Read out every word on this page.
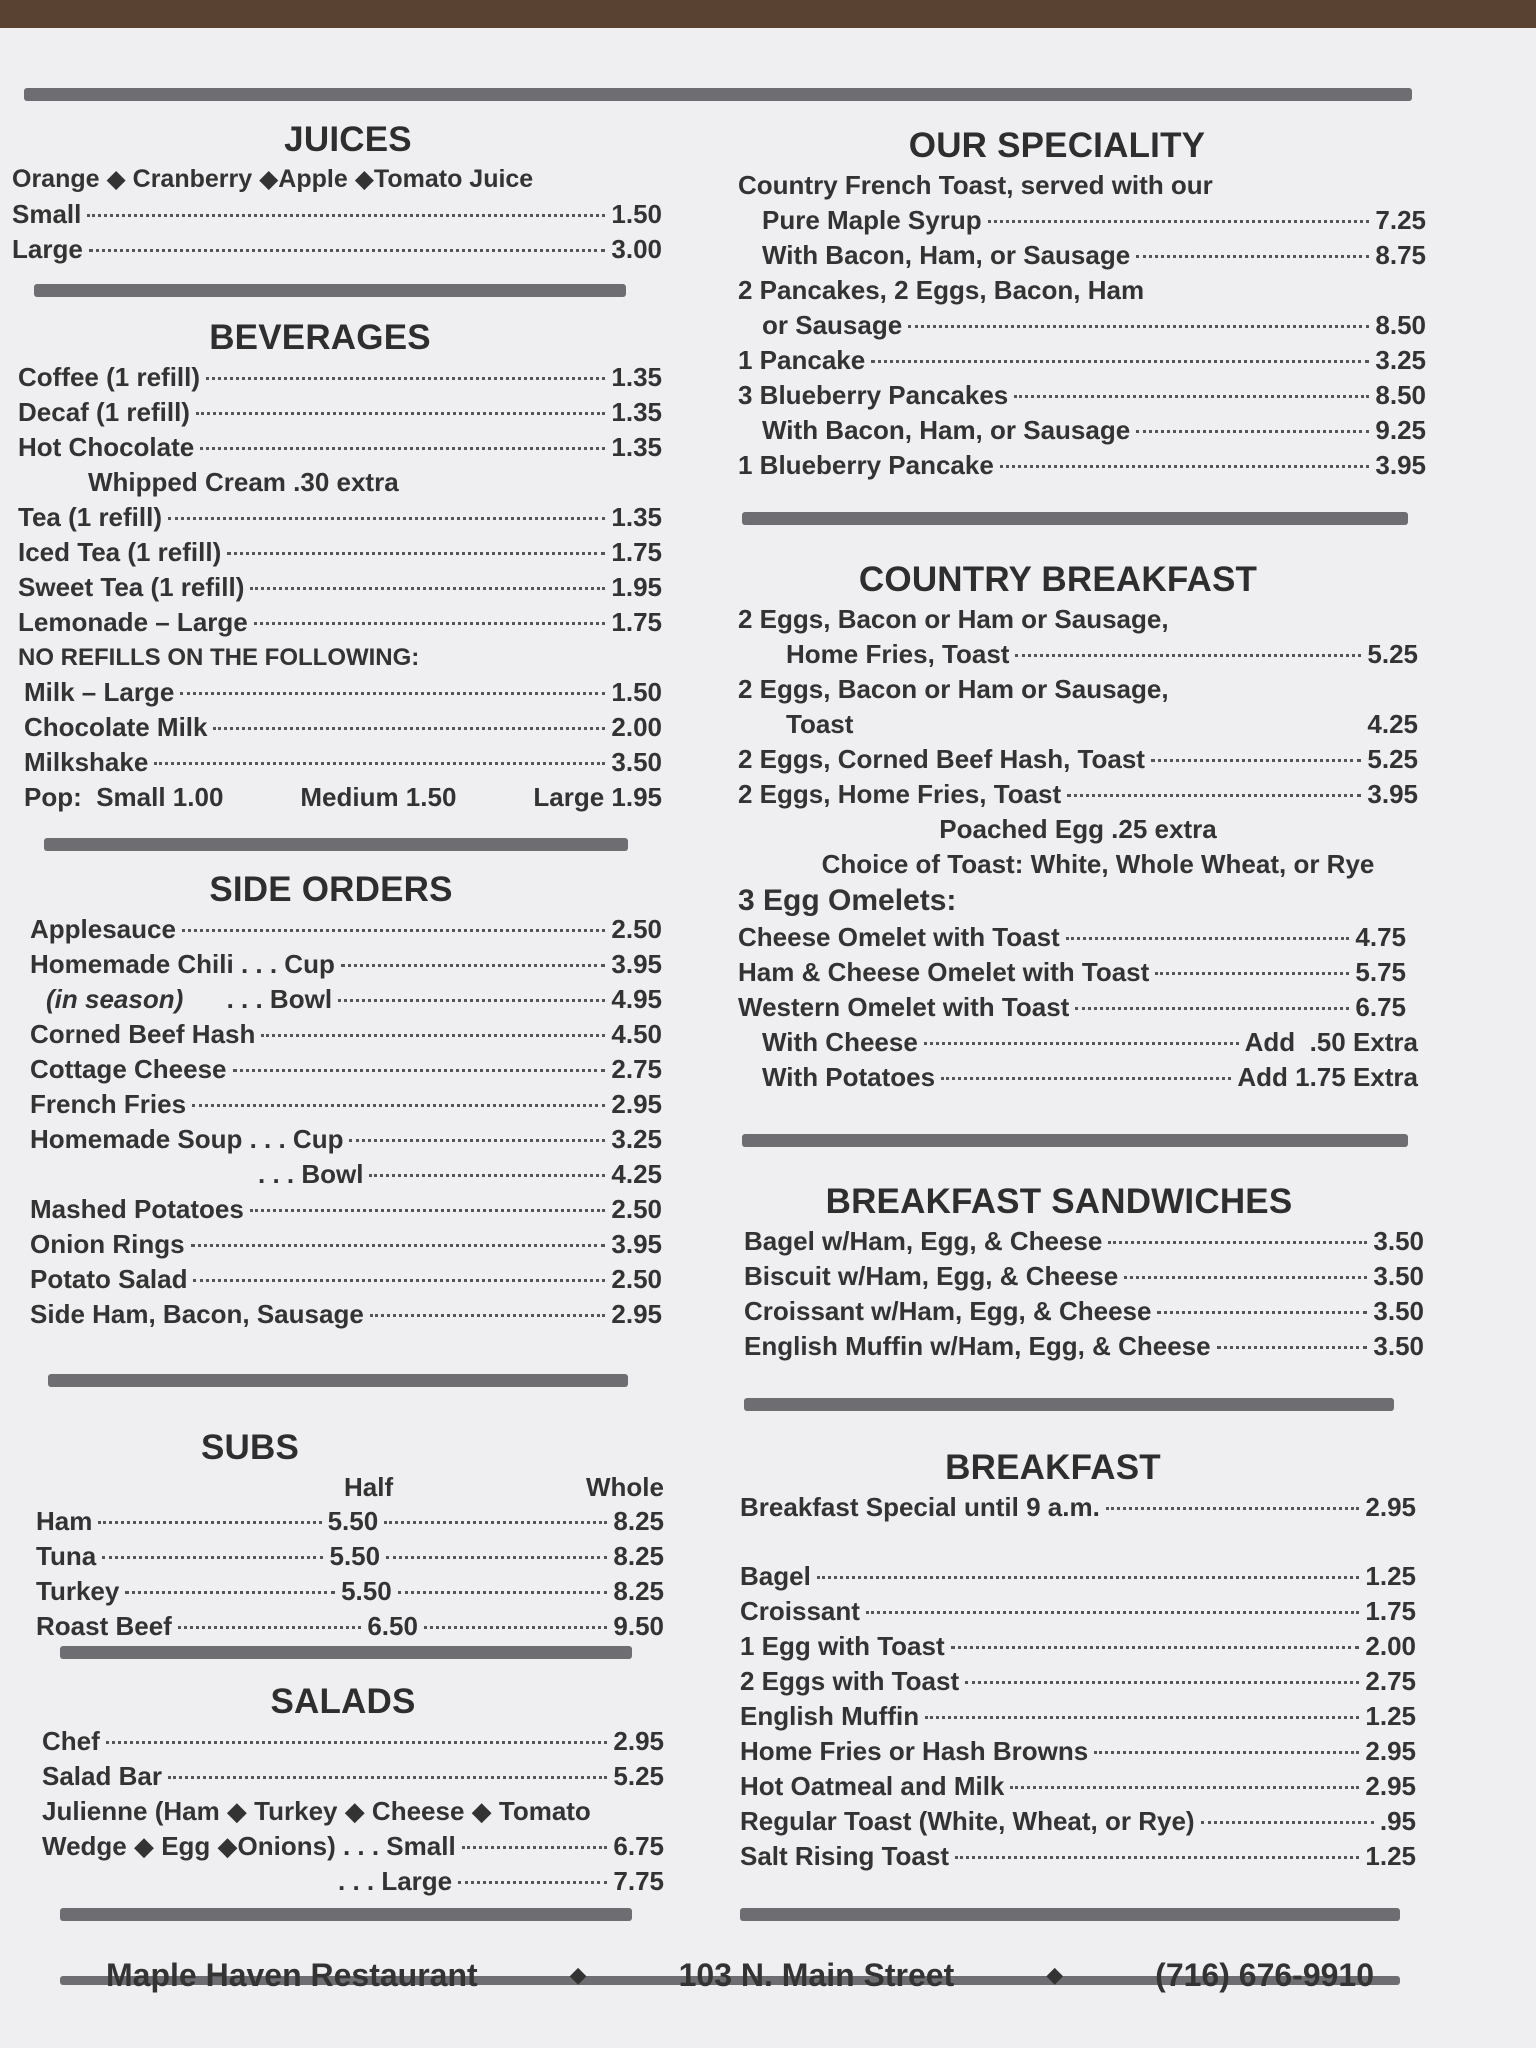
JUICES
Orange ◆ Cranberry ◆Apple ◆Tomato Juice
Small	1.50
Large	3.00
BEVERAGES
Coffee (1 refill)	1.35
Decaf (1 refill)	1.35
Hot Chocolate	1.35
Whipped Cream .30 extra
Tea (1 refill)	1.35
Iced Tea (1 refill)	1.75
Sweet Tea (1 refill)	1.95
Lemonade – Large	1.75
NO REFILLS ON THE FOLLOWING:
Milk – Large	1.50
Chocolate Milk	2.00
Milkshake	3.50
Pop: Small 1.00	Medium 1.50	Large 1.95
SIDE ORDERS
Applesauce	2.50
Homemade Chili . . . Cup	3.95
(in season) . . . Bowl	4.95
Corned Beef Hash	4.50
Cottage Cheese	2.75
French Fries	2.95
Homemade Soup . . . Cup	3.25
. . . Bowl	4.25
Mashed Potatoes	2.50
Onion Rings	3.95
Potato Salad	2.50
Side Ham, Bacon, Sausage	2.95
SUBS
Half	Whole
Ham	5.50	8.25
Tuna	5.50	8.25
Turkey	5.50	8.25
Roast Beef	6.50	9.50
SALADS
Chef	2.95
Salad Bar	5.25
Julienne (Ham ◆ Turkey ◆ Cheese ◆ Tomato
Wedge ◆ Egg ◆Onions) . . . Small	6.75
. . . Large	7.75
OUR SPECIALITY
Country French Toast, served with our
Pure Maple Syrup	7.25
With Bacon, Ham, or Sausage	8.75
2 Pancakes, 2 Eggs, Bacon, Ham
or Sausage	8.50
1 Pancake	3.25
3 Blueberry Pancakes	8.50
With Bacon, Ham, or Sausage	9.25
1 Blueberry Pancake	3.95
COUNTRY BREAKFAST
2 Eggs, Bacon or Ham or Sausage,
Home Fries, Toast	5.25
2 Eggs, Bacon or Ham or Sausage,
Toast	4.25
2 Eggs, Corned Beef Hash, Toast	5.25
2 Eggs, Home Fries, Toast	3.95
Poached Egg .25 extra
Choice of Toast: White, Whole Wheat, or Rye
3 Egg Omelets:
Cheese Omelet with Toast	4.75
Ham & Cheese Omelet with Toast	5.75
Western Omelet with Toast	6.75
With Cheese	Add  .50 Extra
With Potatoes	Add 1.75 Extra
BREAKFAST SANDWICHES
Bagel w/Ham, Egg, & Cheese	3.50
Biscuit w/Ham, Egg, & Cheese	3.50
Croissant w/Ham, Egg, & Cheese	3.50
English Muffin w/Ham, Egg, & Cheese	3.50
BREAKFAST
Breakfast Special until 9 a.m.	2.95
Bagel	1.25
Croissant	1.75
1 Egg with Toast	2.00
2 Eggs with Toast	2.75
English Muffin	1.25
Home Fries or Hash Browns	2.95
Hot Oatmeal and Milk	2.95
Regular Toast (White, Wheat, or Rye)	.95
Salt Rising Toast	1.25
Maple Haven Restaurant	◆	103 N. Main Street	◆	(716) 676-9910
